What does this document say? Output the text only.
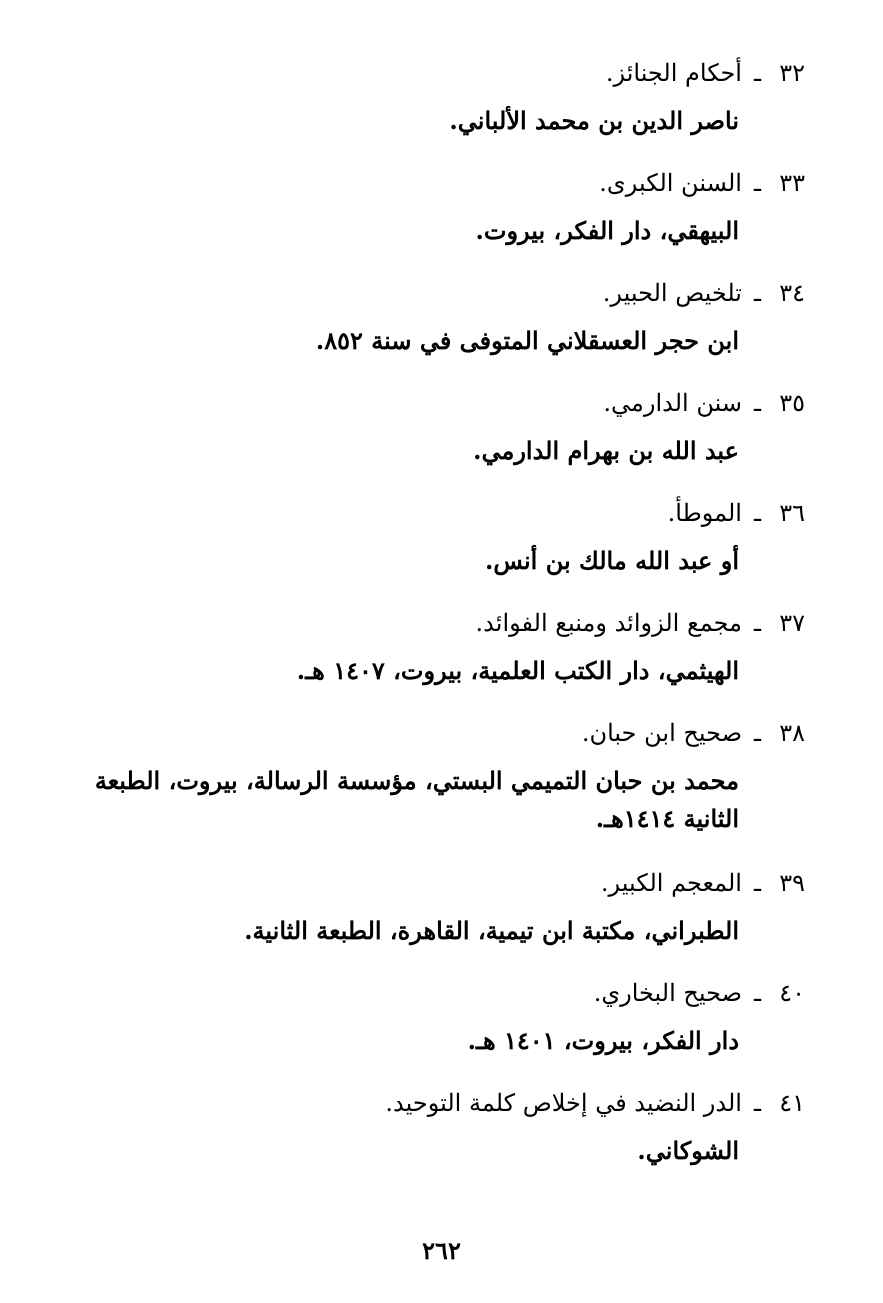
٣٢
ـ
أحكام الجنائز.
ناصر الدين بن محمد الألباني.
٣٣
ـ
السنن الكبرى.
البيهقي، دار الفكر، بيروت.
٣٤
ـ
تلخيص الحبير.
ابن حجر العسقلاني المتوفى في سنة ٨٥٢.
٣٥
ـ
سنن الدارمي.
عبد الله بن بهرام الدارمي.
٣٦
ـ
الموطأ.
أو عبد الله مالك بن أنس.
٣٧
ـ
مجمع الزوائد ومنبع الفوائد.
الهيثمي، دار الكتب العلمية، بيروت، ١٤٠٧ هـ.
٣٨
ـ
صحيح ابن حبان.
محمد بن حبان التميمي البستي، مؤسسة الرسالة، بيروت، الطبعة الثانية ١٤١٤هـ.
٣٩
ـ
المعجم الكبير.
الطبراني، مكتبة ابن تيمية، القاهرة، الطبعة الثانية.
٤٠
ـ
صحيح البخاري.
دار الفكر، بيروت، ١٤٠١ هـ.
٤١
ـ
الدر النضيد في إخلاص كلمة التوحيد.
الشوكاني.
٢٦٢
